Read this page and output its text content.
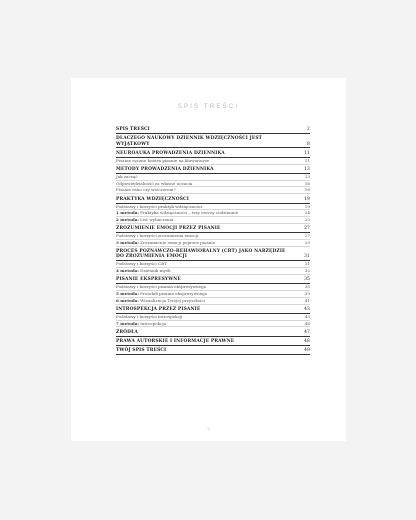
SPIS TREŚCI
SPIS TREŚCI	2
DLACZEGO NAUKOWY DZIENNIK WDZIĘCZNOŚCI JEST WYJĄTKOWY	8
NEUROAUKA PROWADZENIA DZIENNIKA	11
Pisanie ręczne kontra pisanie na klawiaturze	11
METODY PROWADZENIA DZIENNIKA	13
Jak zacząć	13
Odpowiedzialność za własne uczucia	16
Pisanie rano czy wieczorem?	16
PRAKTYKA WDZIĘCZNOŚCI	19
Podstawy i korzyści praktyk wdzięczności	19
1 metoda: Praktyka wdzięczności – trzy rzeczy codziennie	24
2 metoda: List wybaczenia	25
ZROZUMIENIE EMOCJI PRZEZ PISANIE	27
Podstawy i korzyści zrozumienia emocji	27
3 metoda: Zrozumienie emocji poprzez pisanie	29
PROCES POZNAWCZO-BEHAWIORALNY (CBT) JAKO NARZĘDZIE DO ZROZUMIENIA EMOCJI	31
Podstawy i korzyści CBT	31
4 metoda: Dziennik myśli	32
PISANIE EKSPRESYWNE	35
Podstawy i korzyści pisania ekspresywnego	35
5 metoda: Protokół pisania ekspresywnego	39
6 metoda: Wizualizacja Twojej przyszłości	41
INTROSPEKCJA PRZEZ PISANIE	43
Podstawy i korzyści introspekcji	43
7 metoda: Introspekcja	46
ŹRÓDŁA	47
PRAWA AUTORSKIE I INFORMACJE PRAWNE	48
TWÓJ SPIS TREŚCI	49
2
